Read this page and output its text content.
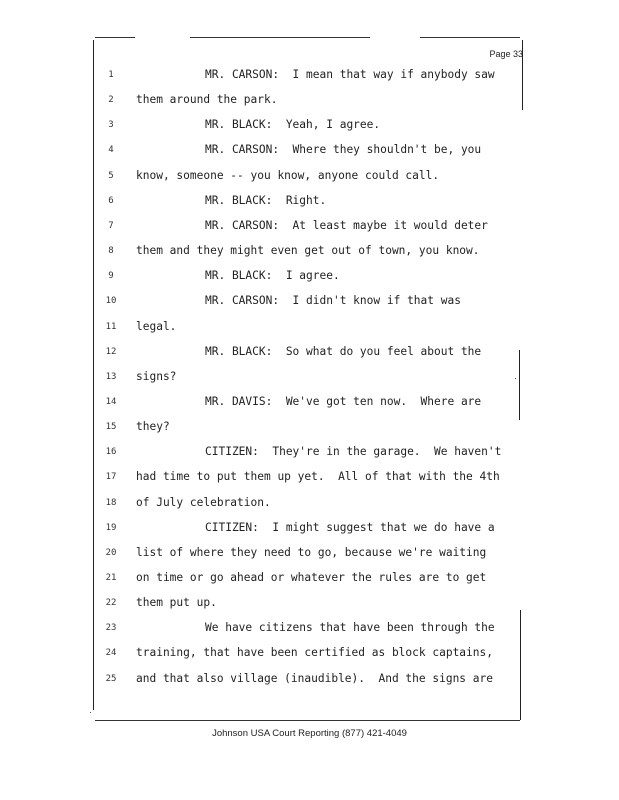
Page 33
1	MR. CARSON:  I mean that way if anybody saw
2	them around the park.
3	MR. BLACK:  Yeah, I agree.
4	MR. CARSON:  Where they shouldn't be, you
5	know, someone -- you know, anyone could call.
6	MR. BLACK:  Right.
7	MR. CARSON:  At least maybe it would deter
8	them and they might even get out of town, you know.
9	MR. BLACK:  I agree.
10	MR. CARSON:  I didn't know if that was
11	legal.
12	MR. BLACK:  So what do you feel about the
13	signs?
14	MR. DAVIS:  We've got ten now.  Where are
15	they?
16	CITIZEN:  They're in the garage.  We haven't
17	had time to put them up yet.  All of that with the 4th
18	of July celebration.
19	CITIZEN:  I might suggest that we do have a
20	list of where they need to go, because we're waiting
21	on time or go ahead or whatever the rules are to get
22	them put up.
23	We have citizens that have been through the
24	training, that have been certified as block captains,
25	and that also village (inaudible).  And the signs are
Johnson USA Court Reporting (877) 421-4049
